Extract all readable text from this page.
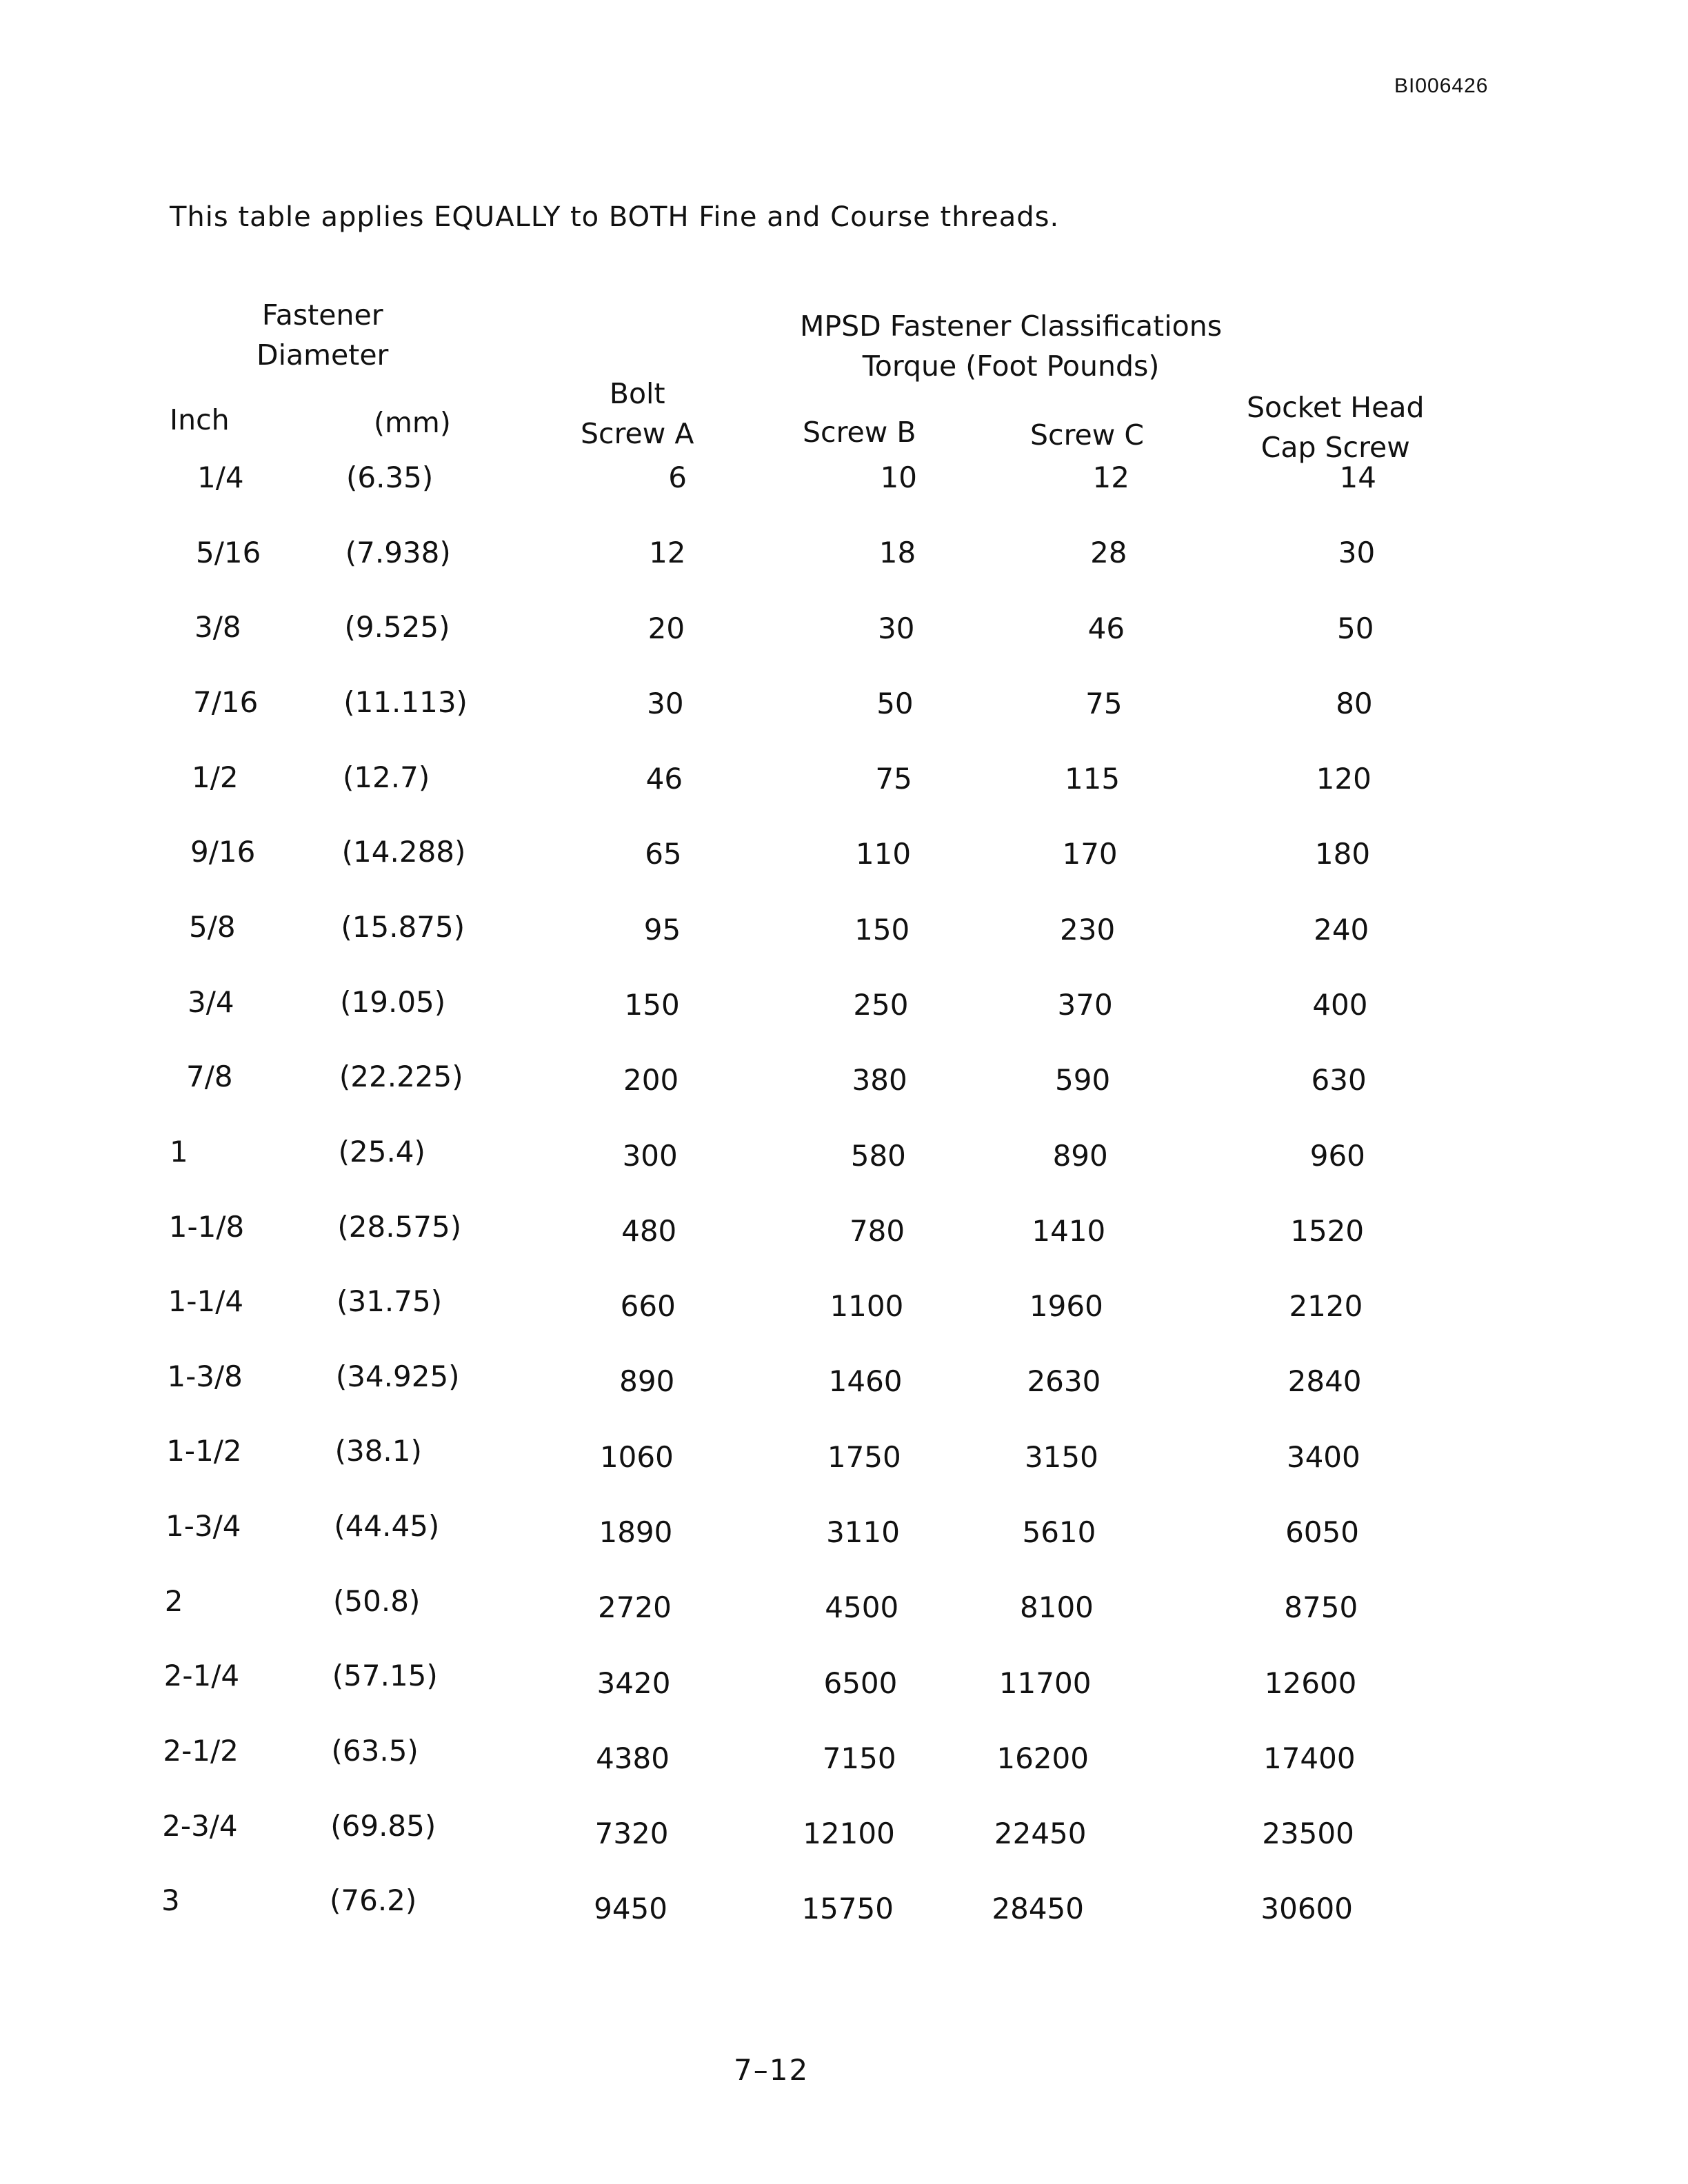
BI006426
This table applies EQUALLY to BOTH Fine and Course threads.
Fastener
Diameter
Inch	(mm)
MPSD Fastener Classifications
Torque (Foot Pounds)
Bolt
Screw A	Screw B	Screw C
Socket Head
Cap Screw
1/4	(6.35)	6	10	12	14
5/16	(7.938)	12	18	28	30
3/8	(9.525)	20	30	46	50
7/16	(11.113)	30	50	75	80
1/2	(12.7)	46	75	115	120
9/16	(14.288)	65	110	170	180
5/8	(15.875)	95	150	230	240
3/4	(19.05)	150	250	370	400
7/8	(22.225)	200	380	590	630
1	(25.4)	300	580	890	960
1-1/8	(28.575)	480	780	1410	1520
1-1/4	(31.75)	660	1100	1960	2120
1-3/8	(34.925)	890	1460	2630	2840
1-1/2	(38.1)	1060	1750	3150	3400
1-3/4	(44.45)	1890	3110	5610	6050
2	(50.8)	2720	4500	8100	8750
2-1/4	(57.15)	3420	6500	11700	12600
2-1/2	(63.5)	4380	7150	16200	17400
2-3/4	(69.85)	7320	12100	22450	23500
3	(76.2)	9450	15750	28450	30600
7–12
